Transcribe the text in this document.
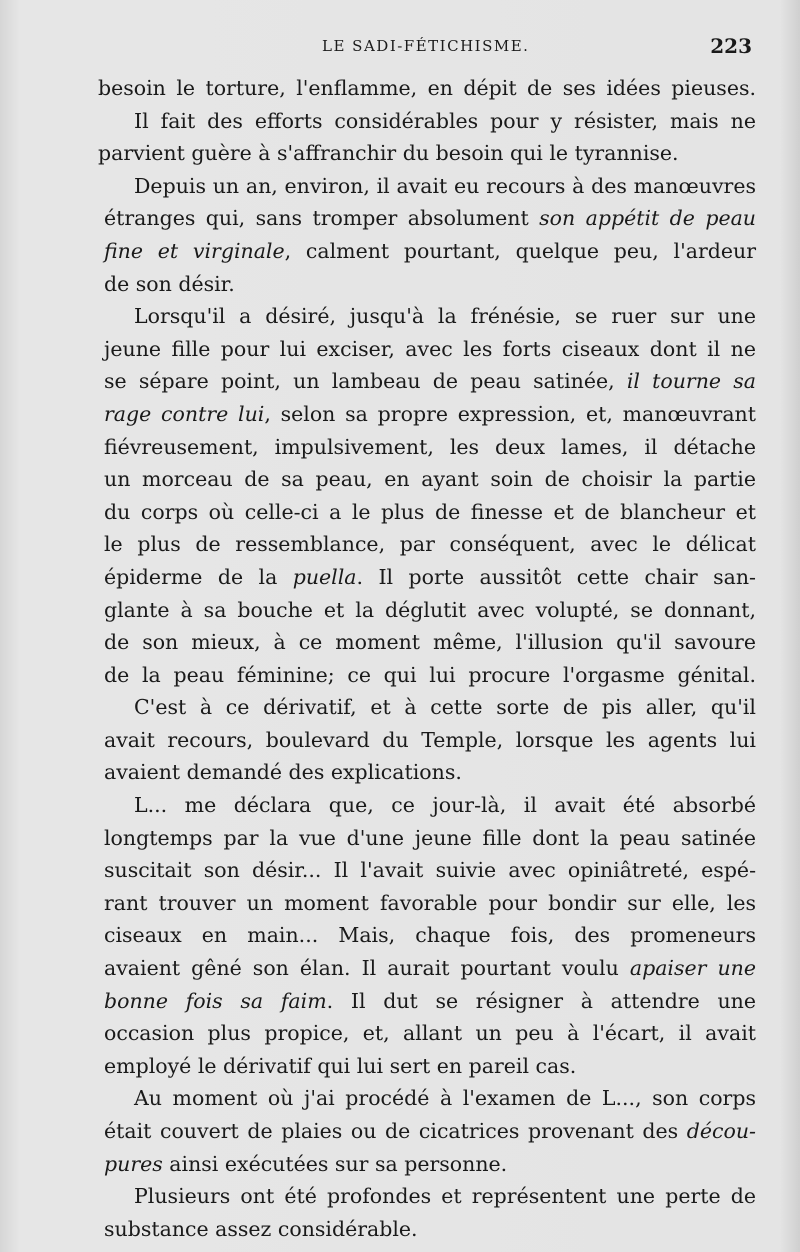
LE SADI-FÉTICHISME.	223
besoin le torture, l'enflamme, en dépit de ses idées pieuses.
Il fait des efforts considérables pour y résister, mais ne
parvient guère à s'affranchir du besoin qui le tyrannise.
Depuis un an, environ, il avait eu recours à des manœuvres
étranges qui, sans tromper absolument son appétit de peau
fine et virginale, calment pourtant, quelque peu, l'ardeur
de son désir.
Lorsqu'il a désiré, jusqu'à la frénésie, se ruer sur une
jeune fille pour lui exciser, avec les forts ciseaux dont il ne
se sépare point, un lambeau de peau satinée, il tourne sa
rage contre lui, selon sa propre expression, et, manœuvrant
fiévreusement, impulsivement, les deux lames, il détache
un morceau de sa peau, en ayant soin de choisir la partie
du corps où celle-ci a le plus de finesse et de blancheur et
le plus de ressemblance, par conséquent, avec le délicat
épiderme de la puella. Il porte aussitôt cette chair san-
glante à sa bouche et la déglutit avec volupté, se donnant,
de son mieux, à ce moment même, l'illusion qu'il savoure
de la peau féminine; ce qui lui procure l'orgasme génital.
C'est à ce dérivatif, et à cette sorte de pis aller, qu'il
avait recours, boulevard du Temple, lorsque les agents lui
avaient demandé des explications.
L... me déclara que, ce jour-là, il avait été absorbé
longtemps par la vue d'une jeune fille dont la peau satinée
suscitait son désir... Il l'avait suivie avec opiniâtreté, espé-
rant trouver un moment favorable pour bondir sur elle, les
ciseaux en main... Mais, chaque fois, des promeneurs
avaient gêné son élan. Il aurait pourtant voulu apaiser une
bonne fois sa faim. Il dut se résigner à attendre une
occasion plus propice, et, allant un peu à l'écart, il avait
employé le dérivatif qui lui sert en pareil cas.
Au moment où j'ai procédé à l'examen de L..., son corps
était couvert de plaies ou de cicatrices provenant des décou-
pures ainsi exécutées sur sa personne.
Plusieurs ont été profondes et représentent une perte de
substance assez considérable.
